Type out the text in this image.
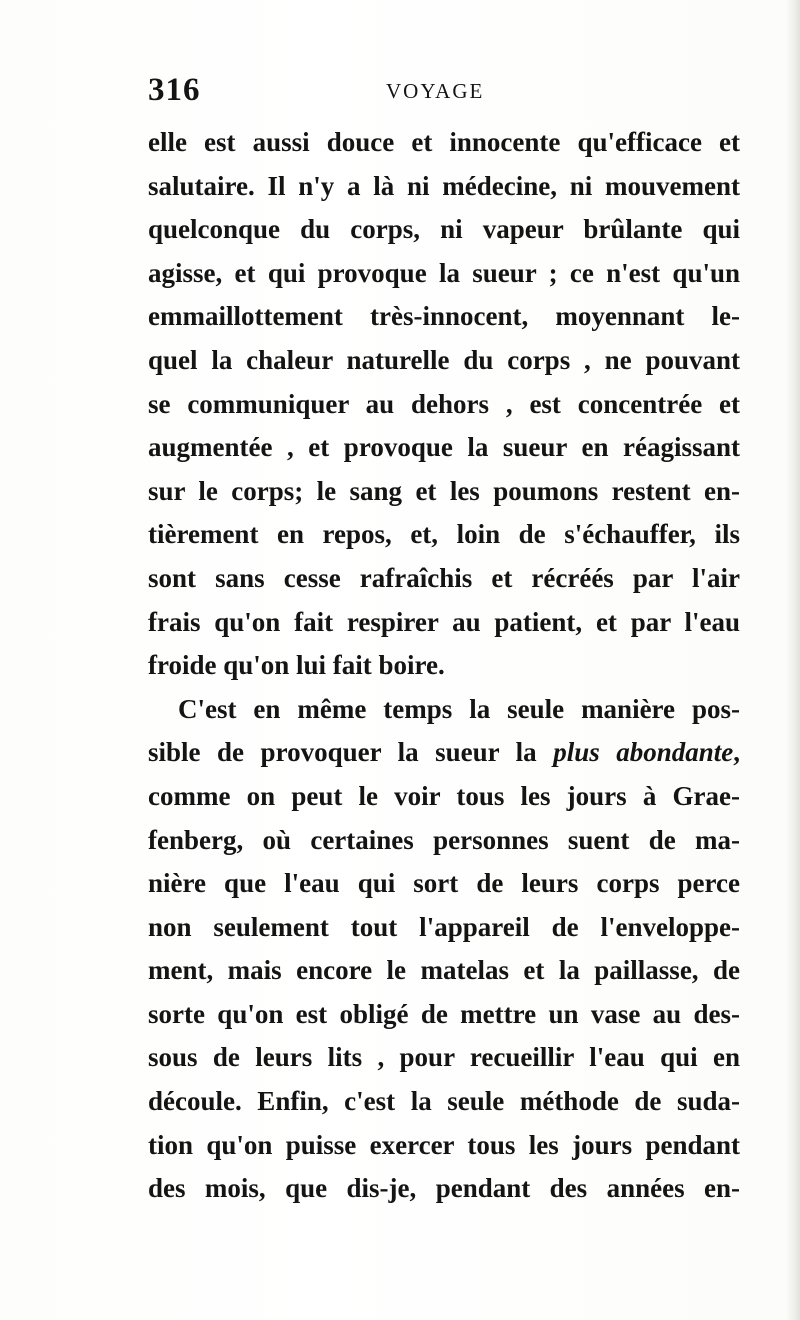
316	VOYAGE
elle est aussi douce et innocente qu'efficace et
salutaire. Il n'y a là ni médecine, ni mouvement
quelconque du corps, ni vapeur brûlante qui
agisse, et qui provoque la sueur ; ce n'est qu'un
emmaillottement très-innocent, moyennant le-
quel la chaleur naturelle du corps , ne pouvant
se communiquer au dehors , est concentrée et
augmentée , et provoque la sueur en réagissant
sur le corps; le sang et les poumons restent en-
tièrement en repos, et, loin de s'échauffer, ils
sont sans cesse rafraîchis et récréés par l'air
frais qu'on fait respirer au patient, et par l'eau
froide qu'on lui fait boire.
C'est en même temps la seule manière pos-
sible de provoquer la sueur la plus abondante,
comme on peut le voir tous les jours à Grae-
fenberg, où certaines personnes suent de ma-
nière que l'eau qui sort de leurs corps perce
non seulement tout l'appareil de l'enveloppe-
ment, mais encore le matelas et la paillasse, de
sorte qu'on est obligé de mettre un vase au des-
sous de leurs lits , pour recueillir l'eau qui en
découle. Enfin, c'est la seule méthode de suda-
tion qu'on puisse exercer tous les jours pendant
des mois, que dis-je, pendant des années en-
